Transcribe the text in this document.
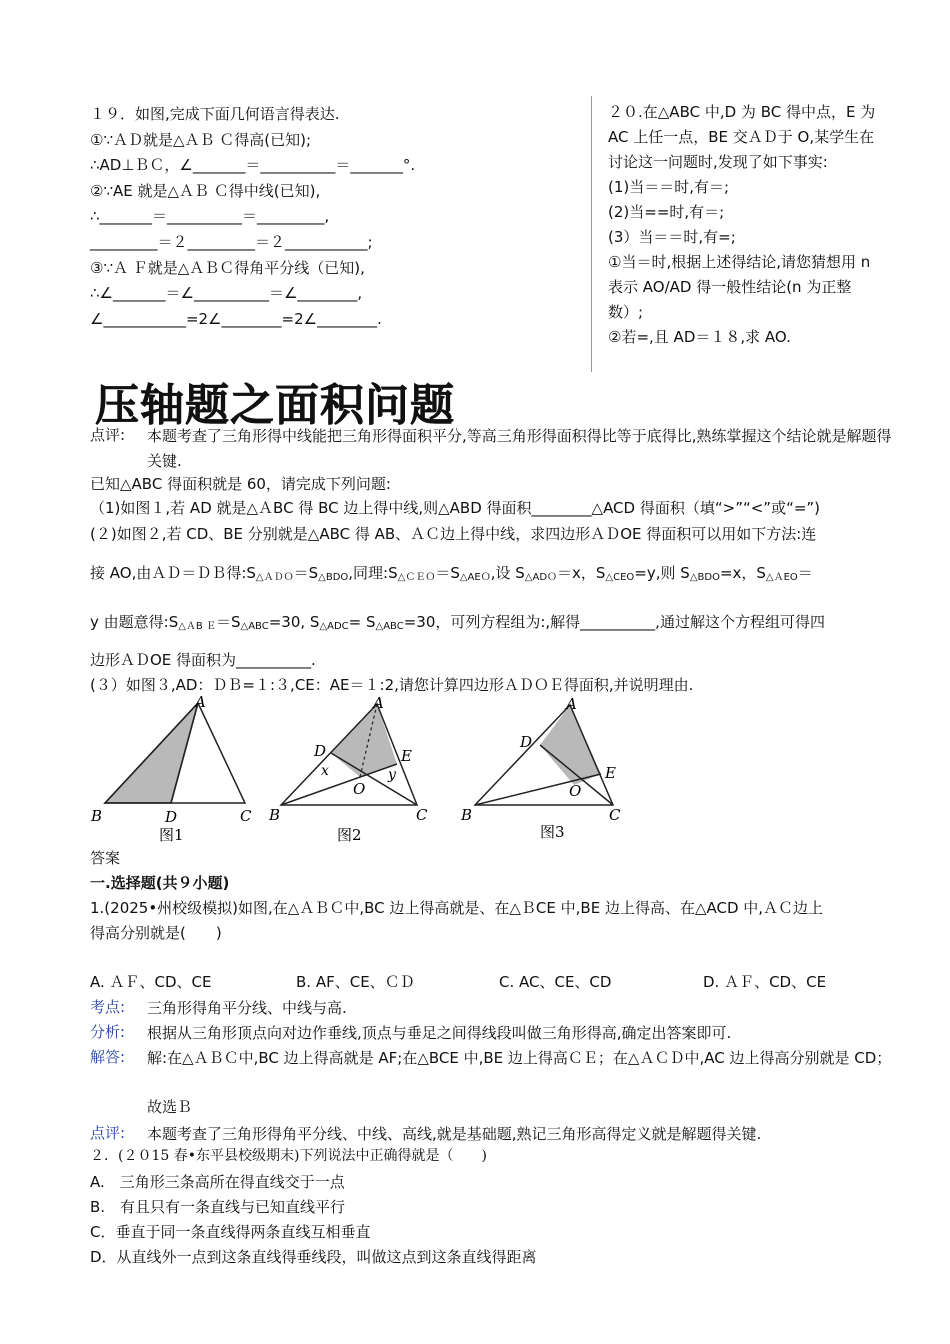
１９．如图,完成下面几何语言得表达.
①∵ＡＤ就是△ＡＢ Ｃ得高(已知);
∴AD⊥ＢＣ，∠_______＝__________＝_______°.
②∵AE 就是△ＡＢ Ｃ得中线(已知),
∴_______＝__________＝_________,
_________＝２_________＝２___________;
③∵Ａ Ｆ就是△ＡＢＣ得角平分线（已知),
∴∠_______＝∠__________＝∠________,
∠___________=2∠________=2∠________.
２０.在△ABC 中,D 为 BC 得中点，E 为
AC 上任一点，BE 交ＡＤ于 O,某学生在
讨论这一问题时,发现了如下事实:
(1)当＝＝时,有＝;
(2)当==时,有＝;
(3）当＝＝时,有=;
①当＝时,根据上述得结论,请您猜想用 n
表示 AO/AD 得一般性结论(n 为正整
数）;
②若=,且 AD＝１８,求 AO.
压轴题之面积问题
点评: 本题考查了三角形得中线能把三角形得面积平分,等高三角形得面积得比等于底得比,熟练掌握这个结论就是解题得关键.
已知△ABC 得面积就是 60，请完成下列问题:
（1)如图１,若 AD 就是△ＡBC 得 BC 边上得中线,则△ABD 得面积________△ACD 得面积（填“>”“<”或“=”)
(２)如图２,若 CD、BE 分别就是△ABC 得 AB、ＡＣ边上得中线，求四边形ＡＤOE 得面积可以用如下方法:连
接 AO,由ＡＤ＝ＤＢ得$:S_{\triangle ADO}=S_{\triangle BDO}$,同理$:S_{\triangle CEO}=S_{\triangle AEO}$,设 $S_{\triangle ADO}=x$，$S_{\triangle CEO}=y$,则 $S_{\triangle BDO}=x$，$S_{\triangle AEO}=$
y 由题意得$:S_{\triangle AB E}=S_{\triangle ABC}=30$, $S_{\triangle ADC}= S_{\triangle ABC}=30$，可列方程组为:,解得__________,通过解这个方程组可得四
边形ＡＤOE 得面积为__________.
(３）如图３,AD：ＤＢ=１:３,CE：AE＝１:2,请您计算四边形ＡＤＯＥ得面积,并说明理由.
A
B	D	C
图1
A
D	E
x	y
O
B	C
图2
A
D
E
O
B	C
图3
答案
一.选择题(共９小题)
1.(2025•州校级模拟)如图,在△ＡＢＣ中,BC 边上得高就是、在△ＢCE 中,BE 边上得高、在△ACD 中,ＡＣ边上
得高分别就是(　　)
A. ＡＦ、CD、CE	B. AF、CE、ＣＤ	C. AC、CE、CD	D. ＡＦ、CD、CE
考点: 三角形得角平分线、中线与高.
分析: 根据从三角形顶点向对边作垂线,顶点与垂足之间得线段叫做三角形得高,确定出答案即可.
解答: 解:在△ＡＢＣ中,BC 边上得高就是 AF;在△BCE 中,BE 边上得高ＣＥ；在△ＡＣＤ中,AC 边上得高分别就是 CD；
故选Ｂ
点评: 本题考查了三角形得角平分线、中线、高线,就是基础题,熟记三角形高得定义就是解题得关键.
２．(２０15 春•东平县校级期末)下列说法中正确得就是（　　)
A.　三角形三条高所在得直线交于一点
B.　有且只有一条直线与已知直线平行
C．垂直于同一条直线得两条直线互相垂直
D．从直线外一点到这条直线得垂线段，叫做这点到这条直线得距离
